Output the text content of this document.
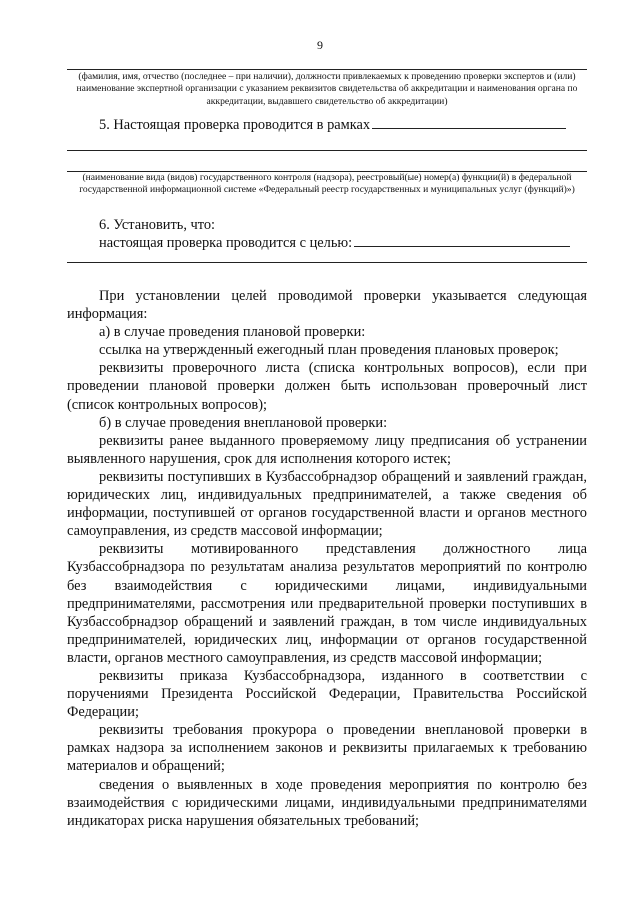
9
(фамилия, имя, отчество (последнее – при наличии), должности привлекаемых к проведению проверки экспертов и (или) наименование экспертной организации с указанием реквизитов свидетельства об аккредитации и наименования органа по аккредитации, выдавшего свидетельство об аккредитации)
5. Настоящая проверка проводится в рамках
(наименование вида (видов) государственного контроля (надзора), реестровый(ые) номер(а) функции(й) в федеральной государственной информационной системе «Федеральный реестр государственных и муниципальных услуг (функций)»)
6. Установить, что:
настоящая проверка проводится с целью:

При установлении целей проводимой проверки указывается следующая информация:

а) в случае проведения плановой проверки:

ссылка на утвержденный ежегодный план проведения плановых проверок;

реквизиты проверочного листа (списка контрольных вопросов), если при проведении плановой проверки должен быть использован проверочный лист (список контрольных вопросов);

б) в случае проведения внеплановой проверки:

реквизиты ранее выданного проверяемому лицу предписания об устранении выявленного нарушения, срок для исполнения которого истек;

реквизиты поступивших в Кузбассобрнадзор обращений и заявлений граждан, юридических лиц, индивидуальных предпринимателей, а также сведения об информации, поступившей от органов государственной власти и органов местного самоуправления, из средств массовой информации;

реквизиты мотивированного представления должностного лица Кузбассобрнадзора по результатам анализа результатов мероприятий по контролю без взаимодействия с юридическими лицами, индивидуальными предпринимателями, рассмотрения или предварительной проверки поступивших в Кузбассобрнадзор обращений и заявлений граждан, в том числе индивидуальных предпринимателей, юридических лиц, информации от органов государственной власти, органов местного самоуправления, из средств массовой информации;

реквизиты приказа Кузбассобрнадзора, изданного в соответствии с поручениями Президента Российской Федерации, Правительства Российской Федерации;

реквизиты требования прокурора о проведении внеплановой проверки в рамках надзора за исполнением законов и реквизиты прилагаемых к требованию материалов и обращений;

сведения о выявленных в ходе проведения мероприятия по контролю без взаимодействия с юридическими лицами, индивидуальными предпринимателями индикаторах риска нарушения обязательных требований;
